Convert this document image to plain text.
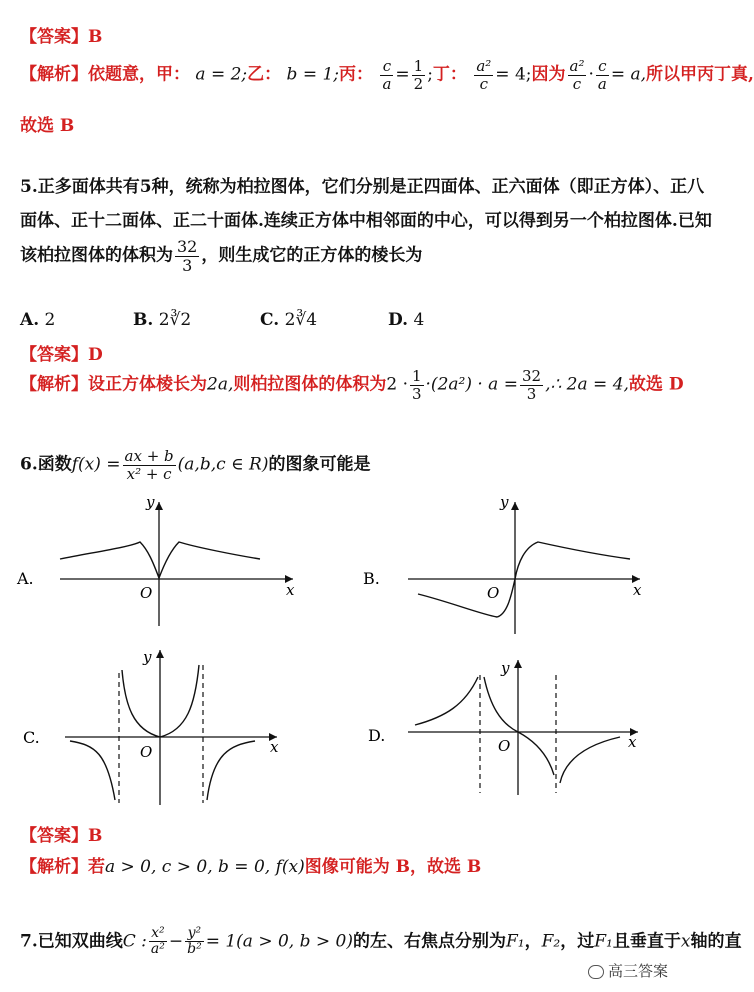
【答案】B
【解析】依题意，甲： a = 2;乙： b = 1;丙： $\frac{c}{a} = \frac{1}{2}$ ;丁： $\frac{\text{a²}}{c} = 4$;因为 $\frac{\text{a²}}{c} \cdot \frac{c}{a} = a$,所以甲丙丁真,
故选 B
5.正多面体共有5种，统称为柏拉图体，它们分别是正四面体、正六面体（即正方体）、正八
面体、正十二面体、正二十面体.连续正方体中相邻面的中心，可以得到另一个柏拉图体.已知
该柏拉图体的体积为 $\frac{32}{3}$ ，则生成它的正方体的棱长为
A. 2	B. 2∛2	C. 2∛4	D. 4
【答案】D
【解析】设正方体棱长为2a,则柏拉图体的体积为$2 \cdot \frac{1}{3} \cdot(2a^2) \cdot a = \frac{32}{3}$ ,∴ 2a = 4,故选 D
6.函数$f(x) = \frac{ax + b}{\text{x² + c}} (a,b,c$ ∈ R)的图象可能是
A.
y
x
O
B.
y
x
O
C.
y
x
O
D.
y
x
O
【答案】B
【解析】若a > 0, c > 0, b = 0, f(x)图像可能为 B，故选 B
7.已知双曲线C : $\frac{\text{x²}}{\text{a²}} - \frac{\text{y²}}{\text{b²}} = 1(a > 0$, b > 0)的左、右焦点分别为F₁，F₂，过F₁且垂直于x轴的直
高三答案
